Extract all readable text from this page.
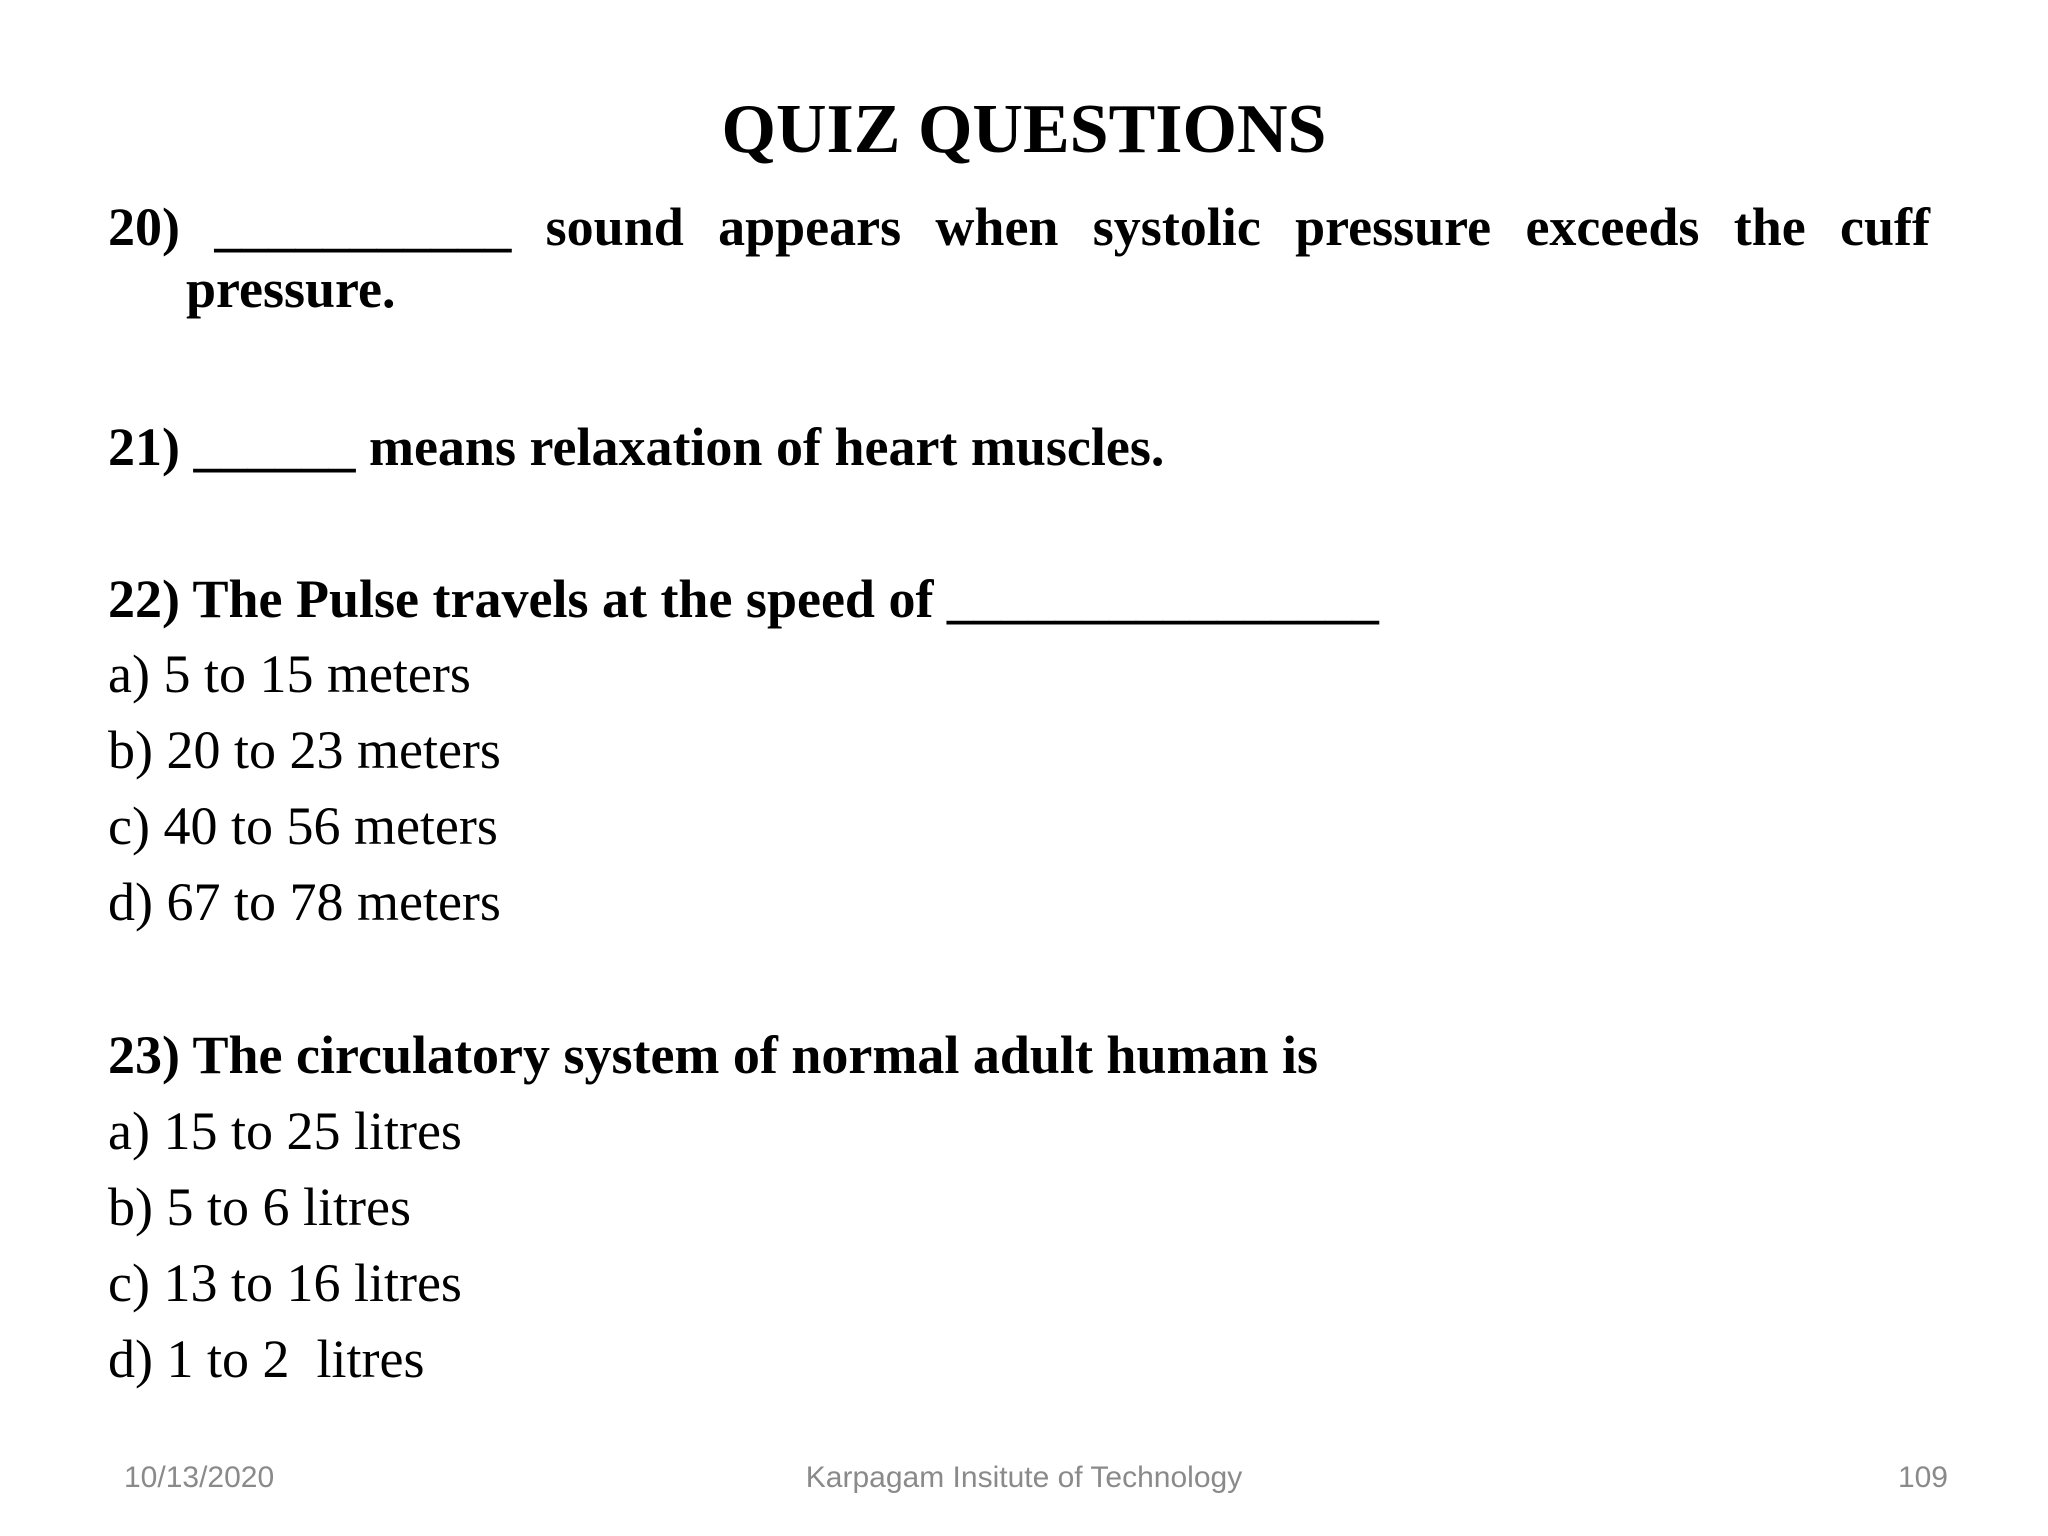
QUIZ QUESTIONS
20) ___________ sound appears when systolic pressure exceeds the cuff
pressure.

21) ______ means relaxation of heart muscles.

22) The Pulse travels at the speed of ________________

a) 5 to 15 meters
b) 20 to 23 meters
c) 40 to 56 meters
d) 67 to 78 meters

23) The circulatory system of normal adult human is

a) 15 to 25 litres
b) 5 to 6 litres
c) 13 to 16 litres
d) 1 to 2  litres
10/13/2020	Karpagam Insitute of Technology	109
